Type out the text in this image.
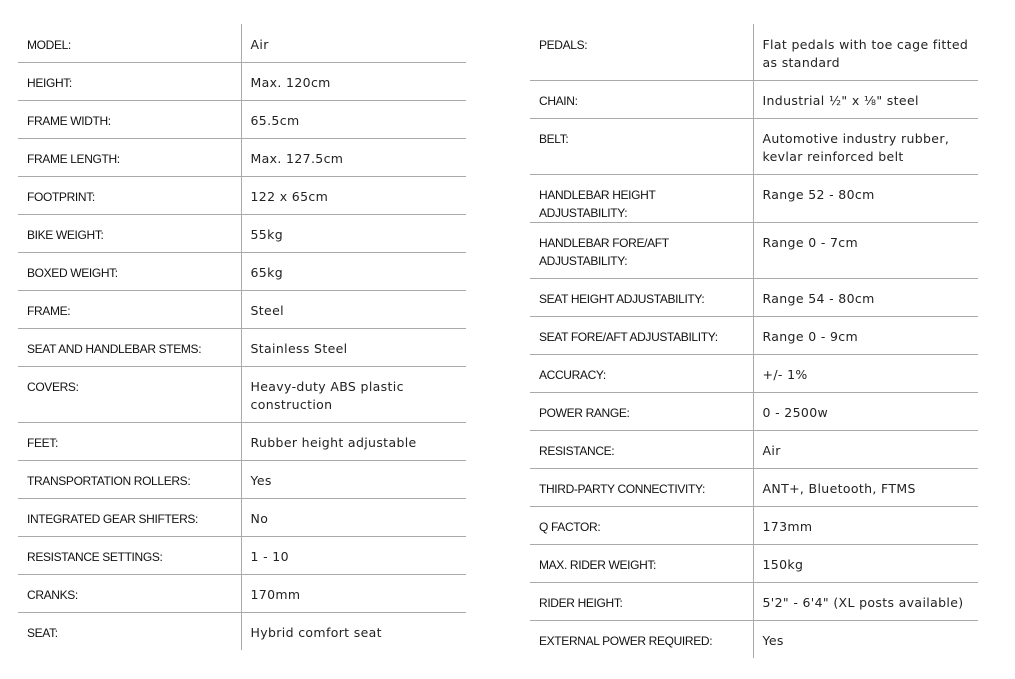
MODEL:	Air
HEIGHT:	Max. 120cm
FRAME WIDTH:	65.5cm
FRAME LENGTH:	Max. 127.5cm
FOOTPRINT:	122 x 65cm
BIKE WEIGHT:	55kg
BOXED WEIGHT:	65kg
FRAME:	Steel
SEAT AND HANDLEBAR STEMS:	Stainless Steel
COVERS:	Heavy-duty ABS plastic construction
FEET:	Rubber height adjustable
TRANSPORTATION ROLLERS:	Yes
INTEGRATED GEAR SHIFTERS:	No
RESISTANCE SETTINGS:	1 - 10
CRANKS:	170mm
SEAT:	Hybrid comfort seat
PEDALS:	Flat pedals with toe cage fitted as standard
CHAIN:	Industrial ½" x ⅛" steel
BELT:	Automotive industry rubber, kevlar reinforced belt
HANDLEBAR HEIGHT ADJUSTABILITY:	Range 52 - 80cm
HANDLEBAR FORE/AFT ADJUSTABILITY:	Range 0 - 7cm
SEAT HEIGHT ADJUSTABILITY:	Range 54 - 80cm
SEAT FORE/AFT ADJUSTABILITY:	Range 0 - 9cm
ACCURACY:	+/- 1%
POWER RANGE:	0 - 2500w
RESISTANCE:	Air
THIRD-PARTY CONNECTIVITY:	ANT+, Bluetooth, FTMS
Q FACTOR:	173mm
MAX. RIDER WEIGHT:	150kg
RIDER HEIGHT:	5'2" - 6'4" (XL posts available)
EXTERNAL POWER REQUIRED:	Yes
